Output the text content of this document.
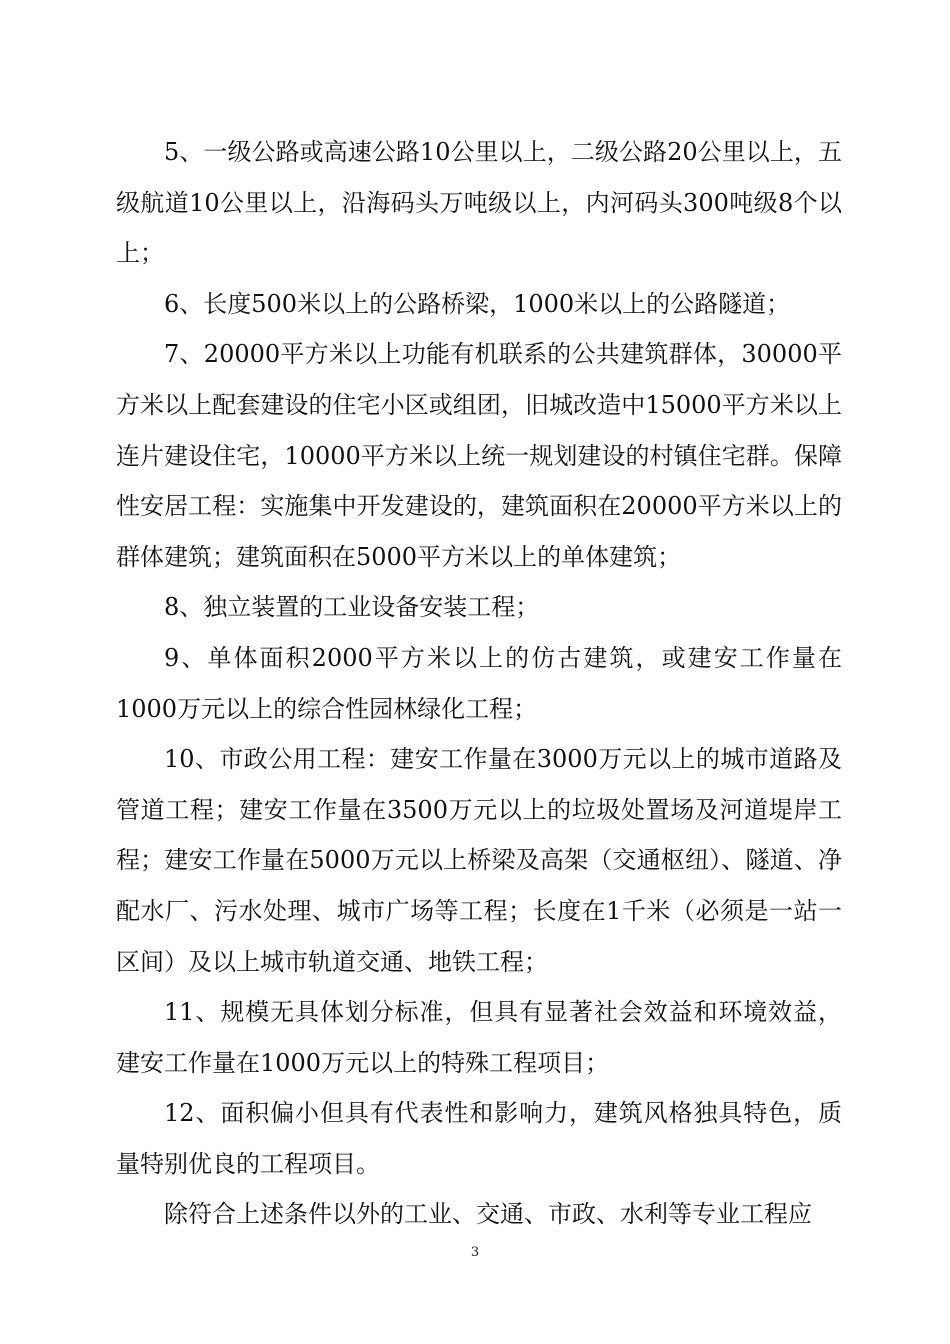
5、一级公路或高速公路10公里以上，二级公路20公里以上，五级航道10公里以上，沿海码头万吨级以上，内河码头300吨级8个以上；

6、长度500米以上的公路桥梁，1000米以上的公路隧道；

7、20000平方米以上功能有机联系的公共建筑群体，30000平方米以上配套建设的住宅小区或组团，旧城改造中15000平方米以上连片建设住宅，10000平方米以上统一规划建设的村镇住宅群。保障性安居工程：实施集中开发建设的，建筑面积在20000平方米以上的群体建筑；建筑面积在5000平方米以上的单体建筑；

8、独立装置的工业设备安装工程；

9、单体面积2000平方米以上的仿古建筑，或建安工作量在1000万元以上的综合性园林绿化工程；

10、市政公用工程：建安工作量在3000万元以上的城市道路及管道工程；建安工作量在3500万元以上的垃圾处置场及河道堤岸工程；建安工作量在5000万元以上桥梁及高架（交通枢纽）、隧道、净配水厂、污水处理、城市广场等工程；长度在1千米（必须是一站一区间）及以上城市轨道交通、地铁工程；

11、规模无具体划分标准，但具有显著社会效益和环境效益，建安工作量在1000万元以上的特殊工程项目；

12、面积偏小但具有代表性和影响力，建筑风格独具特色，质量特别优良的工程项目。

除符合上述条件以外的工业、交通、市政、水利等专业工程应

3
